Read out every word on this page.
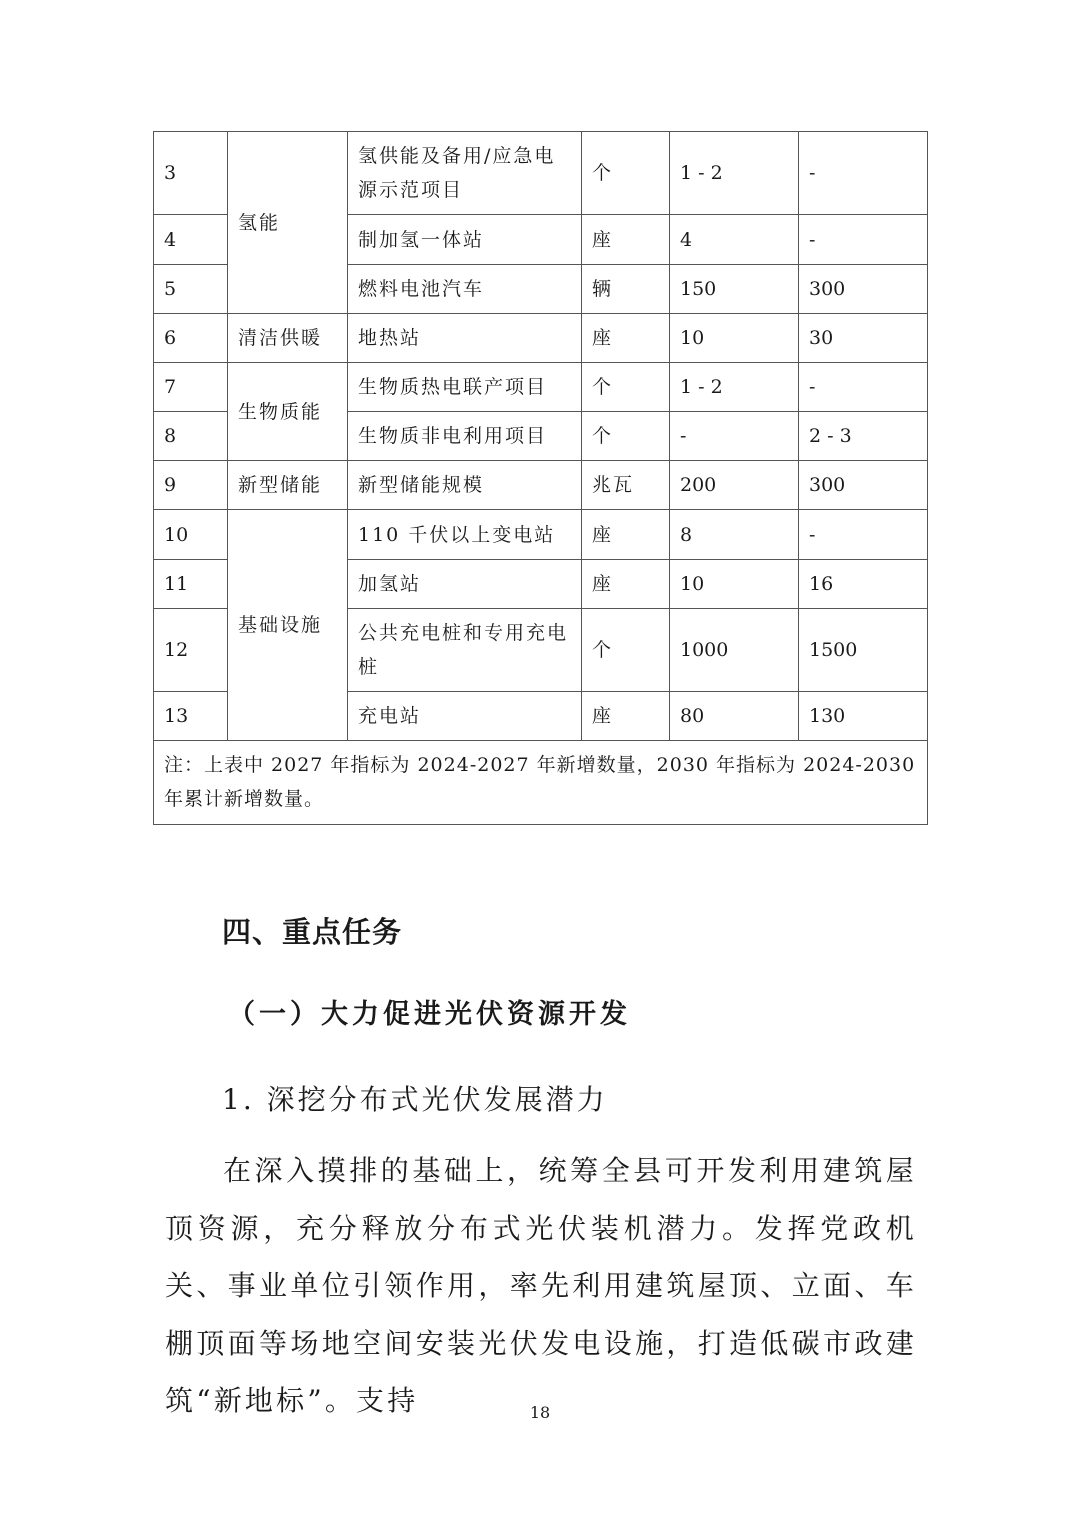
3	氢能	氢供能及备用/应急电源示范项目	个	1 - 2	-
4		制加氢一体站	座	4	-
5		燃料电池汽车	辆	150	300
6	清洁供暖	地热站	座	10	30
7	生物质能	生物质热电联产项目	个	1 - 2	-
8		生物质非电利用项目	个	-	2 - 3
9	新型储能	新型储能规模	兆瓦	200	300
10	基础设施	110 千伏以上变电站	座	8	-
11		加氢站	座	10	16
12		公共充电桩和专用充电桩	个	1000	1500
13		充电站	座	80	130
注：上表中 2027 年指标为 2024-2027 年新增数量，2030 年指标为 2024-2030 年累计新增数量。					
四、重点任务
（一）大力促进光伏资源开发
1. 深挖分布式光伏发展潜力

在深入摸排的基础上，统筹全县可开发利用建筑屋顶资源，充分释放分布式光伏装机潜力。发挥党政机关、事业单位引领作用，率先利用建筑屋顶、立面、车棚顶面等场地空间安装光伏发电设施，打造低碳市政建筑“新地标”。支持	18
